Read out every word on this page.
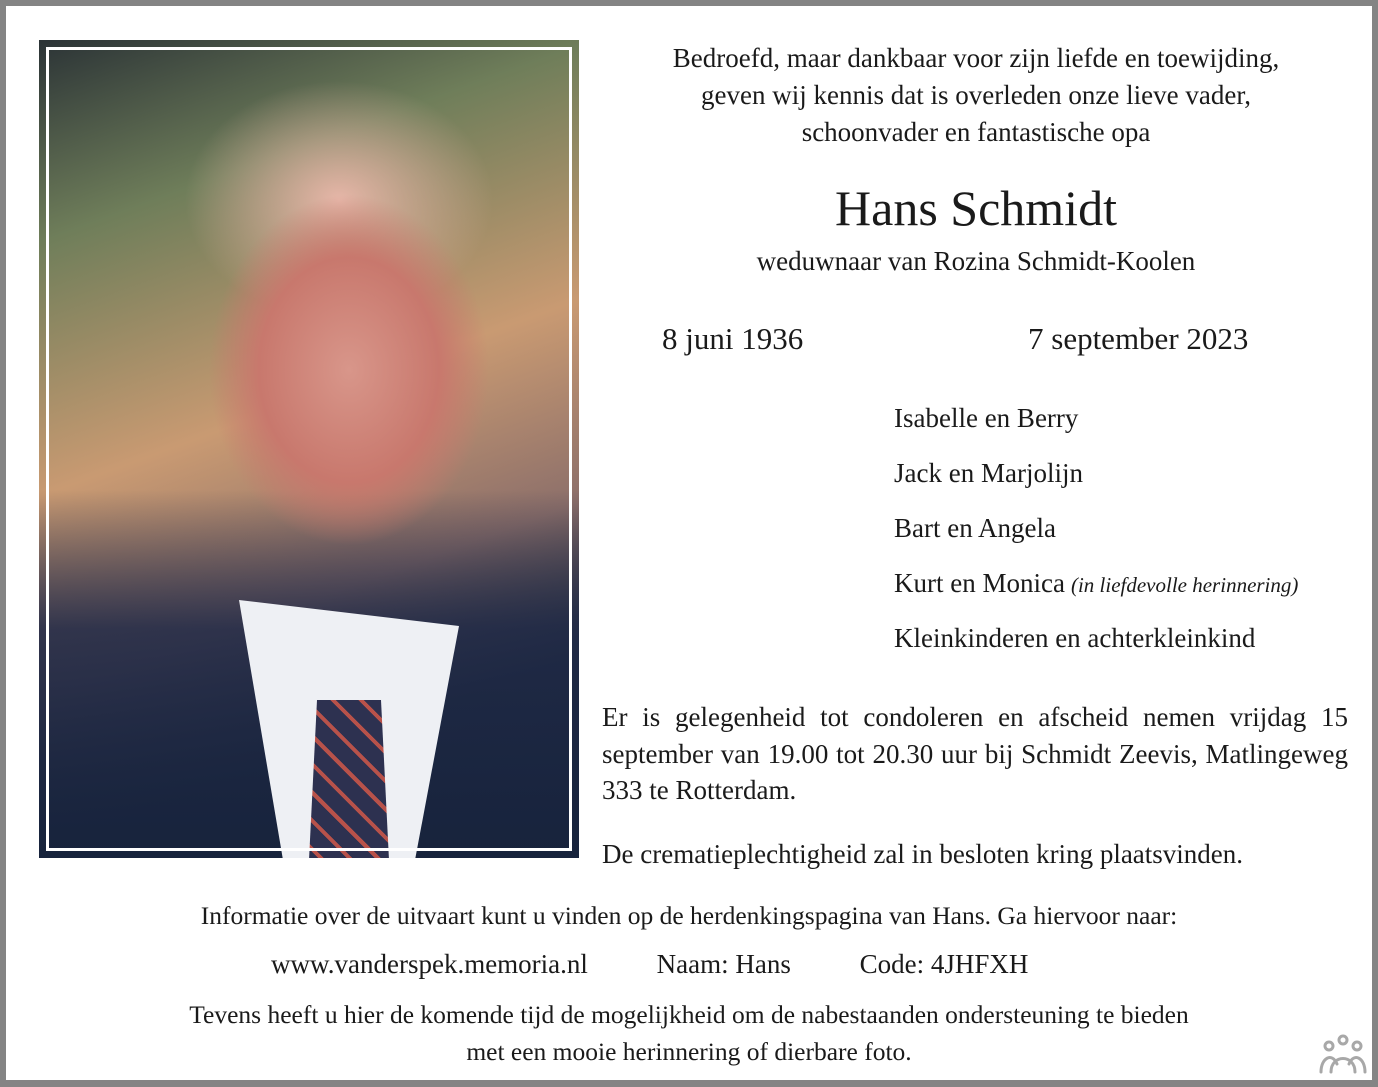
Bedroefd, maar dankbaar voor zijn liefde en toewijding,
geven wij kennis dat is overleden onze lieve vader,
schoonvader en fantastische opa
Hans Schmidt
weduwnaar van Rozina Schmidt-Koolen
8 juni 1936	7 september 2023
Isabelle en Berry
Jack en Marjolijn
Bart en Angela
Kurt en Monica (in liefdevolle herinnering)
Kleinkinderen en achterkleinkind
Er is gelegenheid tot condoleren en afscheid nemen vrijdag 15 september van 19.00 tot 20.30 uur bij Schmidt Zeevis, Matlingeweg 333 te Rotterdam.
De crematieplechtigheid zal in besloten kring plaatsvinden.
Informatie over de uitvaart kunt u vinden op de herdenkingspagina van Hans. Ga hiervoor naar:
www.vanderspek.memoria.nl	Naam: Hans	Code: 4JHFXH
Tevens heeft u hier de komende tijd de mogelijkheid om de nabestaanden ondersteuning te bieden
met een mooie herinnering of dierbare foto.
